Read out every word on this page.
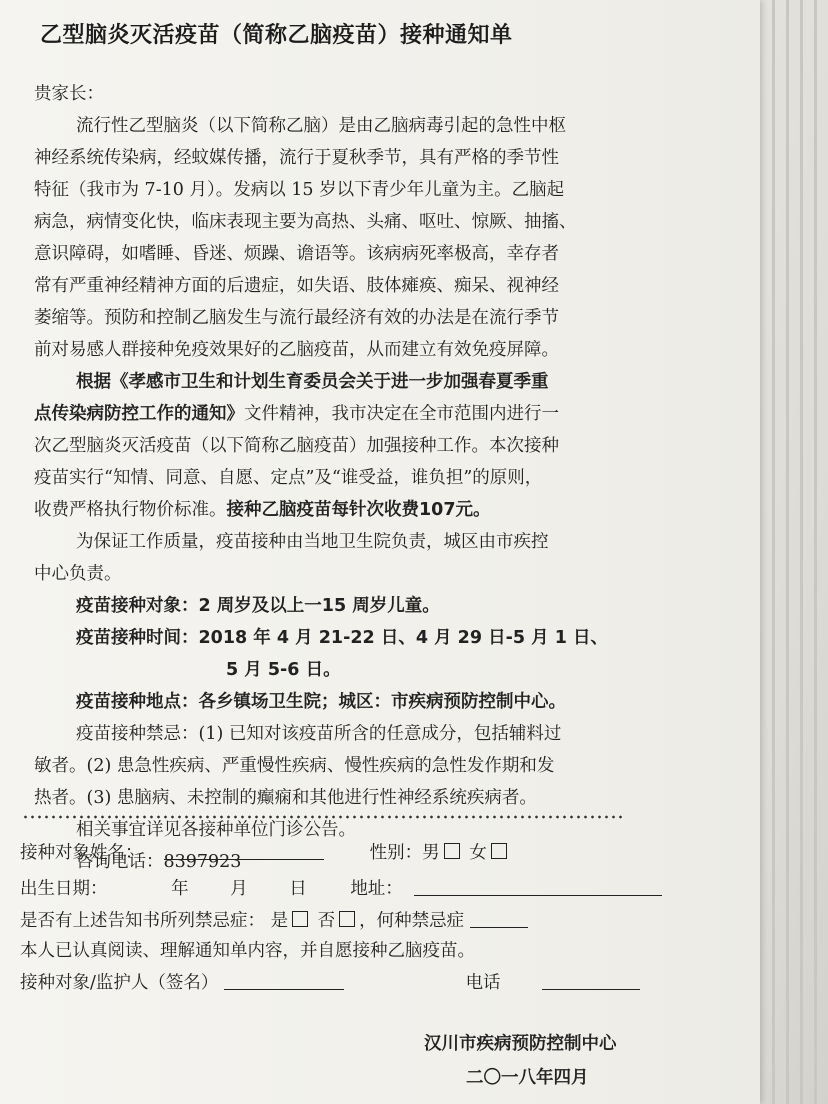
乙型脑炎灭活疫苗（简称乙脑疫苗）接种通知单
贵家长：
流行性乙型脑炎（以下简称乙脑）是由乙脑病毒引起的急性中枢
神经系统传染病，经蚊媒传播，流行于夏秋季节，具有严格的季节性
特征（我市为 7-10 月）。发病以 15 岁以下青少年儿童为主。乙脑起
病急，病情变化快，临床表现主要为高热、头痛、呕吐、惊厥、抽搐、
意识障碍，如嗜睡、昏迷、烦躁、谵语等。该病病死率极高，幸存者
常有严重神经精神方面的后遗症，如失语、肢体瘫痪、痴呆、视神经
萎缩等。预防和控制乙脑发生与流行最经济有效的办法是在流行季节
前对易感人群接种免疫效果好的乙脑疫苗，从而建立有效免疫屏障。
根据《孝感市卫生和计划生育委员会关于进一步加强春夏季重
点传染病防控工作的通知》文件精神，我市决定在全市范围内进行一
次乙型脑炎灭活疫苗（以下简称乙脑疫苗）加强接种工作。本次接种
疫苗实行“知情、同意、自愿、定点”及“谁受益，谁负担”的原则，
收费严格执行物价标准。接种乙脑疫苗每针次收费107元。
为保证工作质量，疫苗接种由当地卫生院负责，城区由市疾控
中心负责。
疫苗接种对象：2 周岁及以上一15 周岁儿童。
疫苗接种时间：2018 年 4 月 21-22 日、4 月 29 日-5 月 1 日、
5 月 5-6 日。
疫苗接种地点：各乡镇场卫生院；城区：市疾病预防控制中心。
疫苗接种禁忌：(1) 已知对该疫苗所含的任意成分，包括辅料过
敏者。(2) 患急性疾病、严重慢性疾病、慢性疾病的急性发作期和发
热者。(3) 患脑病、未控制的癫痫和其他进行性神经系统疾病者。
相关事宜详见各接种单位门诊公告。
咨询电话：8397923
接种对象姓名：	性别：男 女
出生日期：	年 月 日 地址：
是否有上述告知书所列禁忌症： 是 否 ，何种禁忌症
本人已认真阅读、理解通知单内容，并自愿接种乙脑疫苗。
接种对象/监护人（签名）	电话
汉川市疾病预防控制中心
二〇一八年四月
